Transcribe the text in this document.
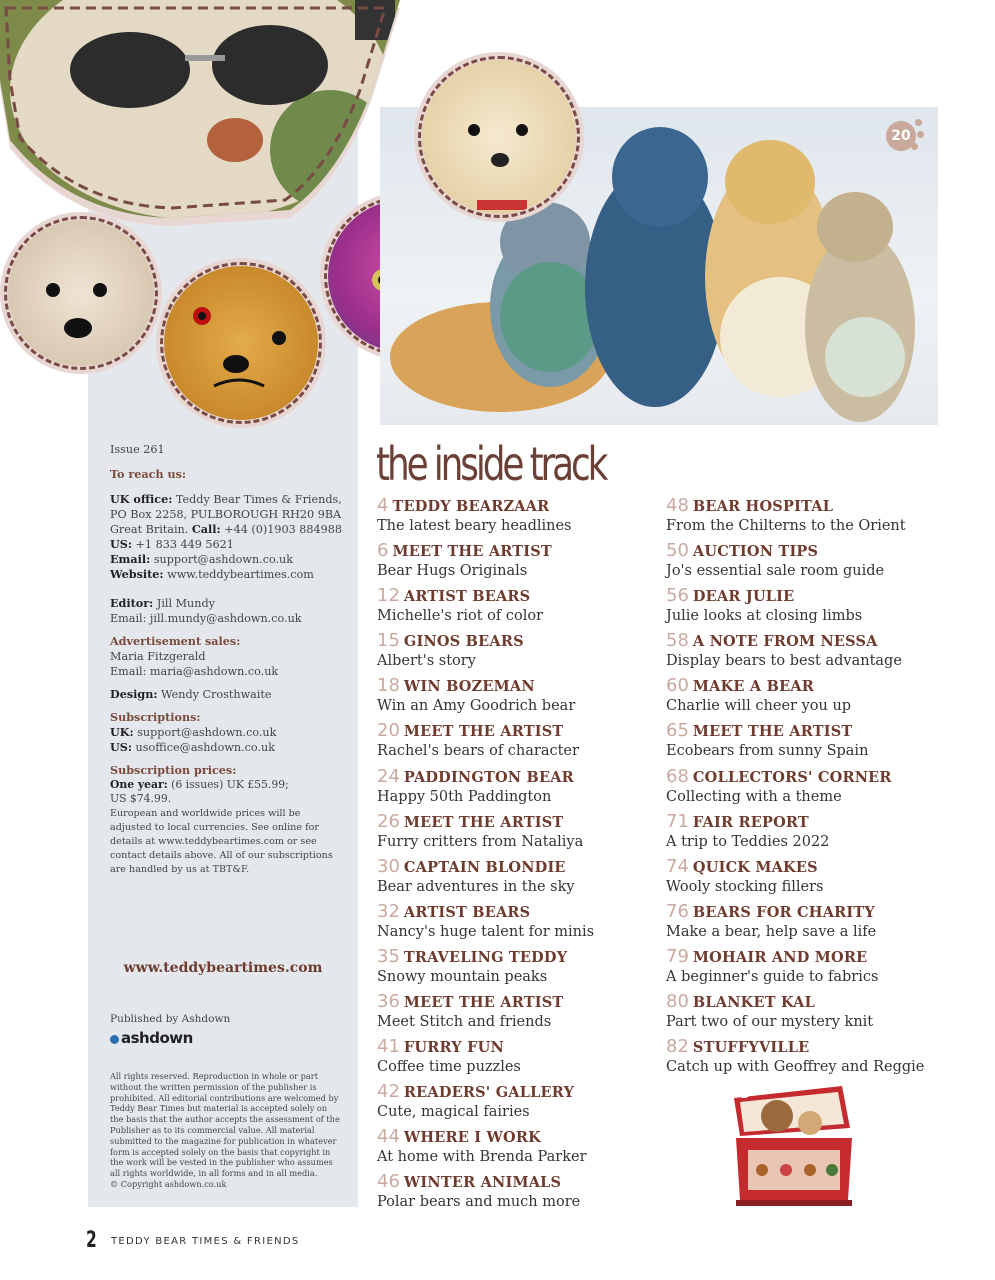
20

Issue 261

To reach us:

UK office: Teddy Bear Times & Friends, PO Box 2258, PULBOROUGH RH20 9BA Great Britain. Call: +44 (0)1903 884988
US: +1 833 449 5621
Email: support@ashdown.co.uk
Website: www.teddybeartimes.com

Editor: Jill Mundy
Email: jill.mundy@ashdown.co.uk

Advertisement sales:
Maria Fitzgerald
Email: maria@ashdown.co.uk

Design: Wendy Crosthwaite

Subscriptions:
UK: support@ashdown.co.uk
US: usoffice@ashdown.co.uk

Subscription prices:
One year: (6 issues) UK £55.99;
US $74.99.
European and worldwide prices will be adjusted to local currencies. See online for details at www.teddybeartimes.com or see contact details above. All of our subscriptions are handled by us at TBT&F.

www.teddybeartimes.com
Published by Ashdown
ashdown
All rights reserved. Reproduction in whole or part without the written permission of the publisher is prohibited. All editorial contributions are welcomed by Teddy Bear Times but material is accepted solely on the basis that the author accepts the assessment of the Publisher as to its commercial value. All material submitted to the magazine for publication in whatever form is accepted solely on the basis that copyright in the work will be vested in the publisher who assumes all rights worldwide, in all forms and in all media.
© Copyright ashdown.co.uk
the inside track
4 TEDDY BEARZAAR
The latest beary headlines
6 MEET THE ARTIST
Bear Hugs Originals
12 ARTIST BEARS
Michelle's riot of color
15 GINOS BEARS
Albert's story
18 WIN BOZEMAN
Win an Amy Goodrich bear
20 MEET THE ARTIST
Rachel's bears of character
24 PADDINGTON BEAR
Happy 50th Paddington
26 MEET THE ARTIST
Furry critters from Nataliya
30 CAPTAIN BLONDIE
Bear adventures in the sky
32 ARTIST BEARS
Nancy's huge talent for minis
35 TRAVELING TEDDY
Snowy mountain peaks
36 MEET THE ARTIST
Meet Stitch and friends
41 FURRY FUN
Coffee time puzzles
42 READERS' GALLERY
Cute, magical fairies
44 WHERE I WORK
At home with Brenda Parker
46 WINTER ANIMALS
Polar bears and much more
48 BEAR HOSPITAL
From the Chilterns to the Orient
50 AUCTION TIPS
Jo's essential sale room guide
56 DEAR JULIE
Julie looks at closing limbs
58 A NOTE FROM NESSA
Display bears to best advantage
60 MAKE A BEAR
Charlie will cheer you up
65 MEET THE ARTIST
Ecobears from sunny Spain
68 COLLECTORS' CORNER
Collecting with a theme
71 FAIR REPORT
A trip to Teddies 2022
74 QUICK MAKES
Wooly stocking fillers
76 BEARS FOR CHARITY
Make a bear, help save a life
79 MOHAIR AND MORE
A beginner's guide to fabrics
80 BLANKET KAL
Part two of our mystery knit
82 STUFFYVILLE
Catch up with Geoffrey and Reggie
2 TEDDY BEAR TIMES & FRIENDS
